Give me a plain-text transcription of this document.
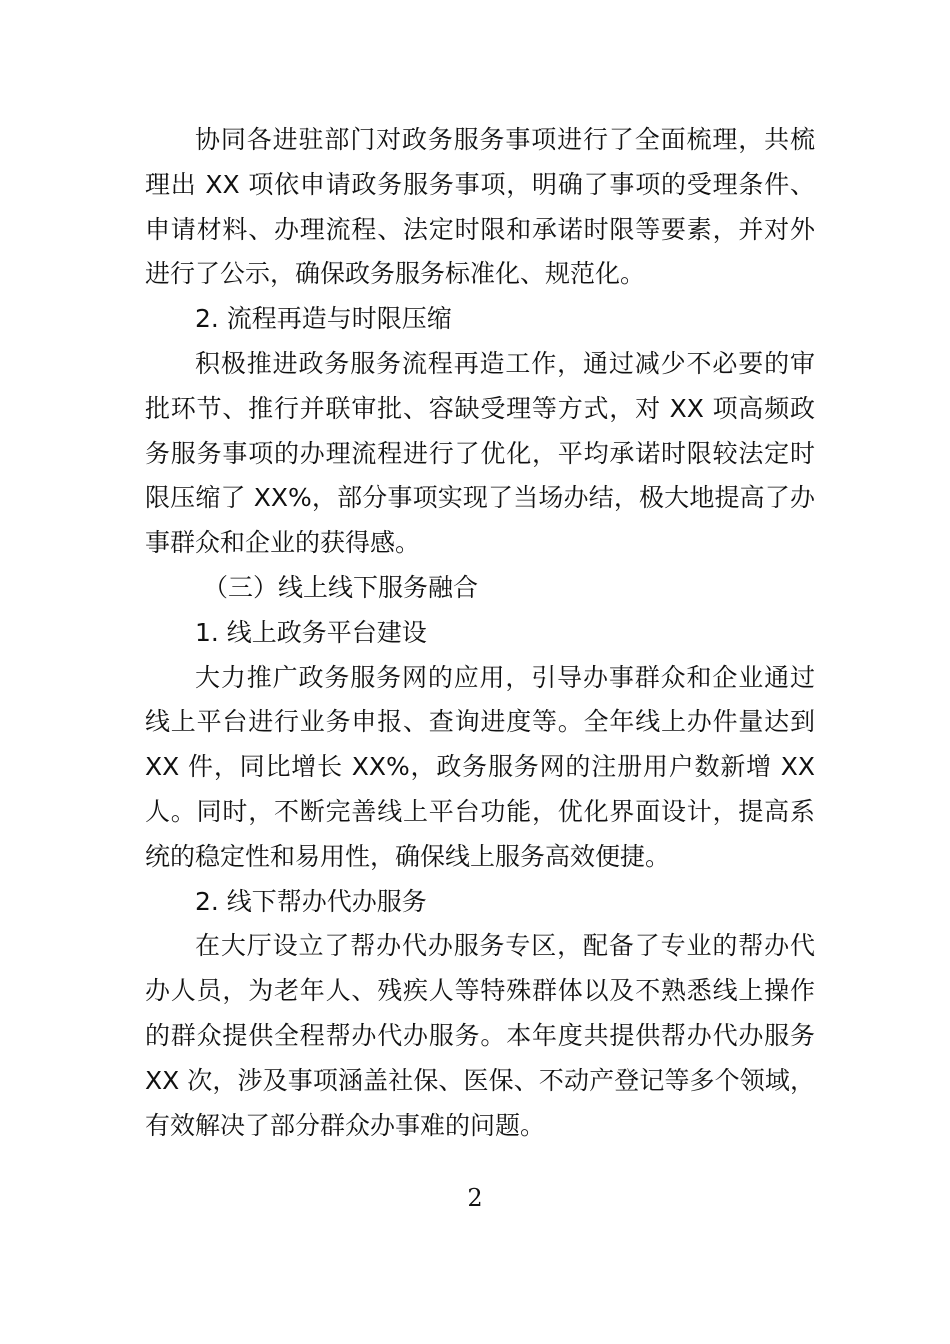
协同各进驻部门对政务服务事项进行了全面梳理，共梳理出 XX 项依申请政务服务事项，明确了事项的受理条件、申请材料、办理流程、法定时限和承诺时限等要素，并对外进行了公示，确保政务服务标准化、规范化。

2. 流程再造与时限压缩

积极推进政务服务流程再造工作，通过减少不必要的审批环节、推行并联审批、容缺受理等方式，对 XX 项高频政务服务事项的办理流程进行了优化，平均承诺时限较法定时限压缩了 XX%，部分事项实现了当场办结，极大地提高了办事群众和企业的获得感。

（三）线上线下服务融合

1. 线上政务平台建设

大力推广政务服务网的应用，引导办事群众和企业通过线上平台进行业务申报、查询进度等。全年线上办件量达到 XX 件，同比增长 XX%，政务服务网的注册用户数新增 XX 人。同时，不断完善线上平台功能，优化界面设计，提高系统的稳定性和易用性，确保线上服务高效便捷。

2. 线下帮办代办服务

在大厅设立了帮办代办服务专区，配备了专业的帮办代办人员，为老年人、残疾人等特殊群体以及不熟悉线上操作的群众提供全程帮办代办服务。本年度共提供帮办代办服务 XX 次，涉及事项涵盖社保、医保、不动产登记等多个领域，有效解决了部分群众办事难的问题。

2
